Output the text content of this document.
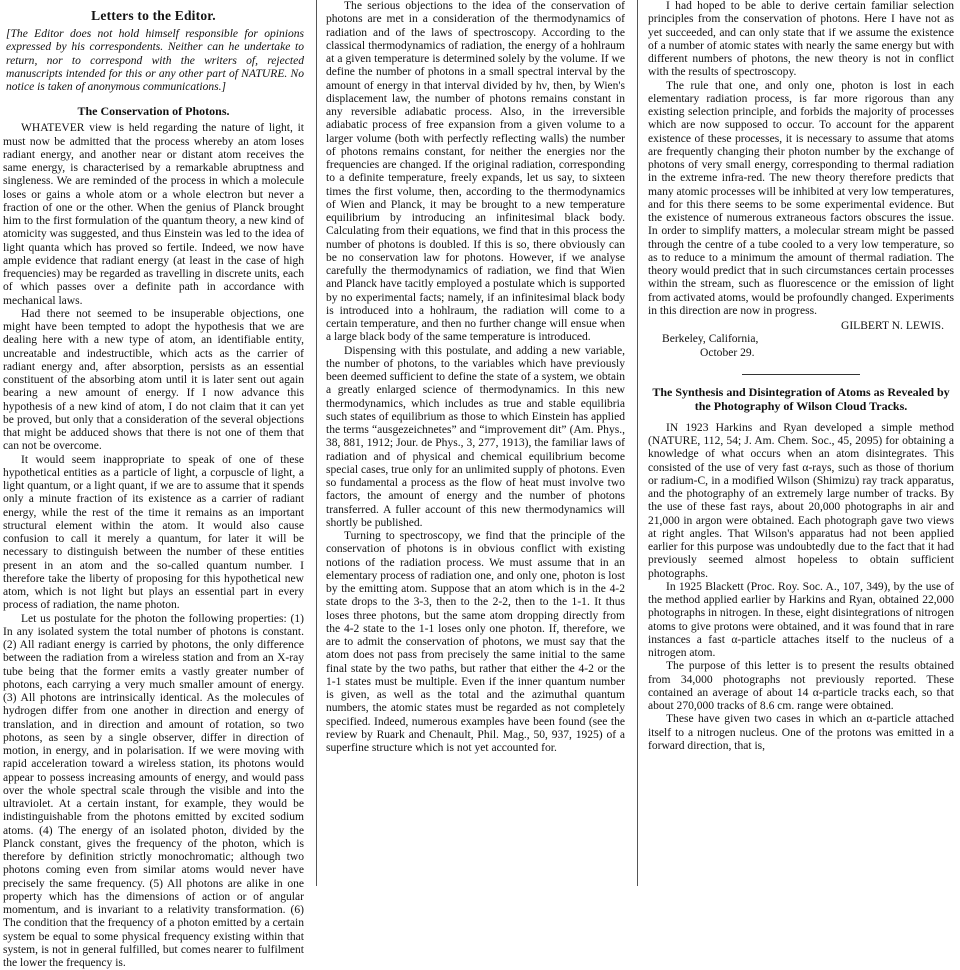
Letters to the Editor.
[The Editor does not hold himself responsible for opinions expressed by his correspondents. Neither can he undertake to return, nor to correspond with the writers of, rejected manuscripts intended for this or any other part of NATURE. No notice is taken of anonymous communications.]
The Conservation of Photons.

WHATEVER view is held regarding the nature of light, it must now be admitted that the process whereby an atom loses radiant energy, and another near or distant atom receives the same energy, is characterised by a remarkable abruptness and singleness. We are reminded of the process in which a molecule loses or gains a whole atom or a whole electron but never a fraction of one or the other. When the genius of Planck brought him to the first formulation of the quantum theory, a new kind of atomicity was suggested, and thus Einstein was led to the idea of light quanta which has proved so fertile. Indeed, we now have ample evidence that radiant energy (at least in the case of high frequencies) may be regarded as travelling in discrete units, each of which passes over a definite path in accordance with mechanical laws.

Had there not seemed to be insuperable objections, one might have been tempted to adopt the hypothesis that we are dealing here with a new type of atom, an identifiable entity, uncreatable and indestructible, which acts as the carrier of radiant energy and, after absorption, persists as an essential constituent of the absorbing atom until it is later sent out again bearing a new amount of energy. If I now advance this hypothesis of a new kind of atom, I do not claim that it can yet be proved, but only that a consideration of the several objections that might be adduced shows that there is not one of them that can not be overcome.

It would seem inappropriate to speak of one of these hypothetical entities as a particle of light, a corpuscle of light, a light quantum, or a light quant, if we are to assume that it spends only a minute fraction of its existence as a carrier of radiant energy, while the rest of the time it remains as an important structural element within the atom. It would also cause confusion to call it merely a quantum, for later it will be necessary to distinguish between the number of these entities present in an atom and the so-called quantum number. I therefore take the liberty of proposing for this hypothetical new atom, which is not light but plays an essential part in every process of radiation, the name photon.

Let us postulate for the photon the following properties: (1) In any isolated system the total number of photons is constant. (2) All radiant energy is carried by photons, the only difference between the radiation from a wireless station and from an X-ray tube being that the former emits a vastly greater number of photons, each carrying a very much smaller amount of energy. (3) All photons are intrinsically identical. As the molecules of hydrogen differ from one another in direction and energy of translation, and in direction and amount of rotation, so two photons, as seen by a single observer, differ in direction of motion, in energy, and in polarisation. If we were moving with rapid acceleration toward a wireless station, its photons would appear to possess increasing amounts of energy, and would pass over the whole spectral scale through the visible and into the ultraviolet. At a certain instant, for example, they would be indistinguishable from the photons emitted by excited sodium atoms. (4) The energy of an isolated photon, divided by the Planck constant, gives the frequency of the photon, which is therefore by definition strictly monochromatic; although two photons coming even from similar atoms would never have precisely the same frequency. (5) All photons are alike in one property which has the dimensions of action or of angular momentum, and is invariant to a relativity transformation. (6) The condition that the frequency of a photon emitted by a certain system be equal to some physical frequency existing within that system, is not in general fulfilled, but comes nearer to fulfilment the lower the frequency is.

The serious objections to the idea of the conservation of photons are met in a consideration of the thermodynamics of radiation and of the laws of spectroscopy. According to the classical thermodynamics of radiation, the energy of a hohlraum at a given temperature is determined solely by the volume. If we define the number of photons in a small spectral interval by the amount of energy in that interval divided by hν, then, by Wien's displacement law, the number of photons remains constant in any reversible adiabatic process. Also, in the irreversible adiabatic process of free expansion from a given volume to a larger volume (both with perfectly reflecting walls) the number of photons remains constant, for neither the energies nor the frequencies are changed. If the original radiation, corresponding to a definite temperature, freely expands, let us say, to sixteen times the first volume, then, according to the thermodynamics of Wien and Planck, it may be brought to a new temperature equilibrium by introducing an infinitesimal black body. Calculating from their equations, we find that in this process the number of photons is doubled. If this is so, there obviously can be no conservation law for photons. However, if we analyse carefully the thermodynamics of radiation, we find that Wien and Planck have tacitly employed a postulate which is supported by no experimental facts; namely, if an infinitesimal black body is introduced into a hohlraum, the radiation will come to a certain temperature, and then no further change will ensue when a large black body of the same temperature is introduced.

Dispensing with this postulate, and adding a new variable, the number of photons, to the variables which have previously been deemed sufficient to define the state of a system, we obtain a greatly enlarged science of thermodynamics. In this new thermodynamics, which includes as true and stable equilibria such states of equilibrium as those to which Einstein has applied the terms “ausgezeichnetes” and “improvement dit” (Am. Phys., 38, 881, 1912; Jour. de Phys., 3, 277, 1913), the familiar laws of radiation and of physical and chemical equilibrium become special cases, true only for an unlimited supply of photons. Even so fundamental a process as the flow of heat must involve two factors, the amount of energy and the number of photons transferred. A fuller account of this new thermodynamics will shortly be published.

Turning to spectroscopy, we find that the principle of the conservation of photons is in obvious conflict with existing notions of the radiation process. We must assume that in an elementary process of radiation one, and only one, photon is lost by the emitting atom. Suppose that an atom which is in the 4-2 state drops to the 3-3, then to the 2-2, then to the 1-1. It thus loses three photons, but the same atom dropping directly from the 4-2 state to the 1-1 loses only one photon. If, therefore, we are to admit the conservation of photons, we must say that the atom does not pass from precisely the same initial to the same final state by the two paths, but rather that either the 4-2 or the 1-1 states must be multiple. Even if the inner quantum number is given, as well as the total and the azimuthal quantum numbers, the atomic states must be regarded as not completely specified. Indeed, numerous examples have been found (see the review by Ruark and Chenault, Phil. Mag., 50, 937, 1925) of a superfine structure which is not yet accounted for.

I had hoped to be able to derive certain familiar selection principles from the conservation of photons. Here I have not as yet succeeded, and can only state that if we assume the existence of a number of atomic states with nearly the same energy but with different numbers of photons, the new theory is not in conflict with the results of spectroscopy.

The rule that one, and only one, photon is lost in each elementary radiation process, is far more rigorous than any existing selection principle, and forbids the majority of processes which are now supposed to occur. To account for the apparent existence of these processes, it is necessary to assume that atoms are frequently changing their photon number by the exchange of photons of very small energy, corresponding to thermal radiation in the extreme infra-red. The new theory therefore predicts that many atomic processes will be inhibited at very low temperatures, and for this there seems to be some experimental evidence. But the existence of numerous extraneous factors obscures the issue. In order to simplify matters, a molecular stream might be passed through the centre of a tube cooled to a very low temperature, so as to reduce to a minimum the amount of thermal radiation. The theory would predict that in such circumstances certain processes within the stream, such as fluorescence or the emission of light from activated atoms, would be profoundly changed. Experiments in this direction are now in progress.

GILBERT N. LEWIS.
Berkeley, California,
October 29.
The Synthesis and Disintegration of Atoms as Revealed by the Photography of Wilson Cloud Tracks.

IN 1923 Harkins and Ryan developed a simple method (NATURE, 112, 54; J. Am. Chem. Soc., 45, 2095) for obtaining a knowledge of what occurs when an atom disintegrates. This consisted of the use of very fast α-rays, such as those of thorium or radium-C, in a modified Wilson (Shimizu) ray track apparatus, and the photography of an extremely large number of tracks. By the use of these fast rays, about 20,000 photographs in air and 21,000 in argon were obtained. Each photograph gave two views at right angles. That Wilson's apparatus had not been applied earlier for this purpose was undoubtedly due to the fact that it had previously seemed almost hopeless to obtain sufficient photographs.

In 1925 Blackett (Proc. Roy. Soc. A., 107, 349), by the use of the method applied earlier by Harkins and Ryan, obtained 22,000 photographs in nitrogen. In these, eight disintegrations of nitrogen atoms to give protons were obtained, and it was found that in rare instances a fast α-particle attaches itself to the nucleus of a nitrogen atom.

The purpose of this letter is to present the results obtained from 34,000 photographs not previously reported. These contained an average of about 14 α-particle tracks each, so that about 270,000 tracks of 8.6 cm. range were obtained.

These have given two cases in which an α-particle attached itself to a nitrogen nucleus. One of the protons was emitted in a forward direction, that is,
